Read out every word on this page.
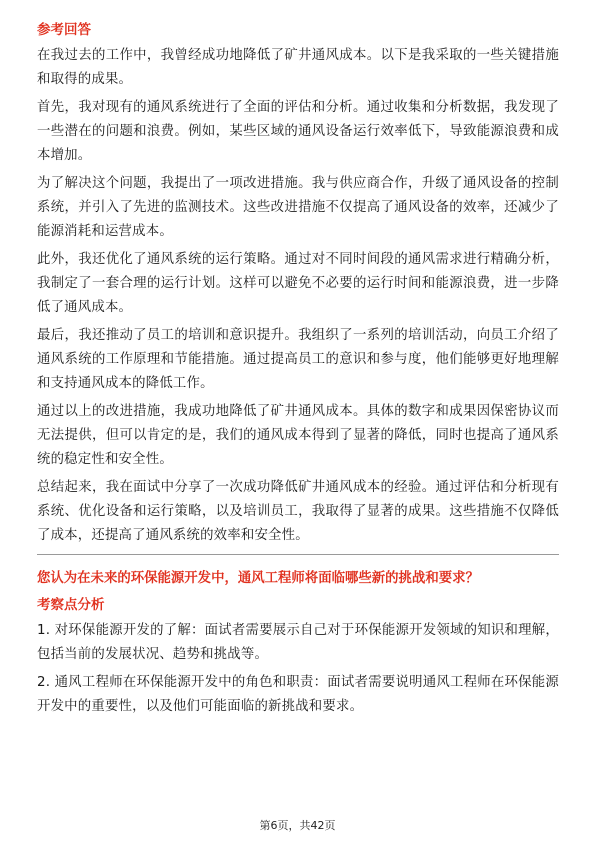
参考回答

在我过去的工作中，我曾经成功地降低了矿井通风成本。以下是我采取的一些关键措施和取得的成果。

首先，我对现有的通风系统进行了全面的评估和分析。通过收集和分析数据，我发现了一些潜在的问题和浪费。例如，某些区域的通风设备运行效率低下，导致能源浪费和成本增加。

为了解决这个问题，我提出了一项改进措施。我与供应商合作，升级了通风设备的控制系统，并引入了先进的监测技术。这些改进措施不仅提高了通风设备的效率，还减少了能源消耗和运营成本。

此外，我还优化了通风系统的运行策略。通过对不同时间段的通风需求进行精确分析，我制定了一套合理的运行计划。这样可以避免不必要的运行时间和能源浪费，进一步降低了通风成本。

最后，我还推动了员工的培训和意识提升。我组织了一系列的培训活动，向员工介绍了通风系统的工作原理和节能措施。通过提高员工的意识和参与度，他们能够更好地理解和支持通风成本的降低工作。

通过以上的改进措施，我成功地降低了矿井通风成本。具体的数字和成果因保密协议而无法提供，但可以肯定的是，我们的通风成本得到了显著的降低，同时也提高了通风系统的稳定性和安全性。

总结起来，我在面试中分享了一次成功降低矿井通风成本的经验。通过评估和分析现有系统、优化设备和运行策略，以及培训员工，我取得了显著的成果。这些措施不仅降低了成本，还提高了通风系统的效率和安全性。

您认为在未来的环保能源开发中，通风工程师将面临哪些新的挑战和要求？
考察点分析

1. 对环保能源开发的了解：面试者需要展示自己对于环保能源开发领域的知识和理解，包括当前的发展状况、趋势和挑战等。

2. 通风工程师在环保能源开发中的角色和职责：面试者需要说明通风工程师在环保能源开发中的重要性，以及他们可能面临的新挑战和要求。

第6页，共42页
